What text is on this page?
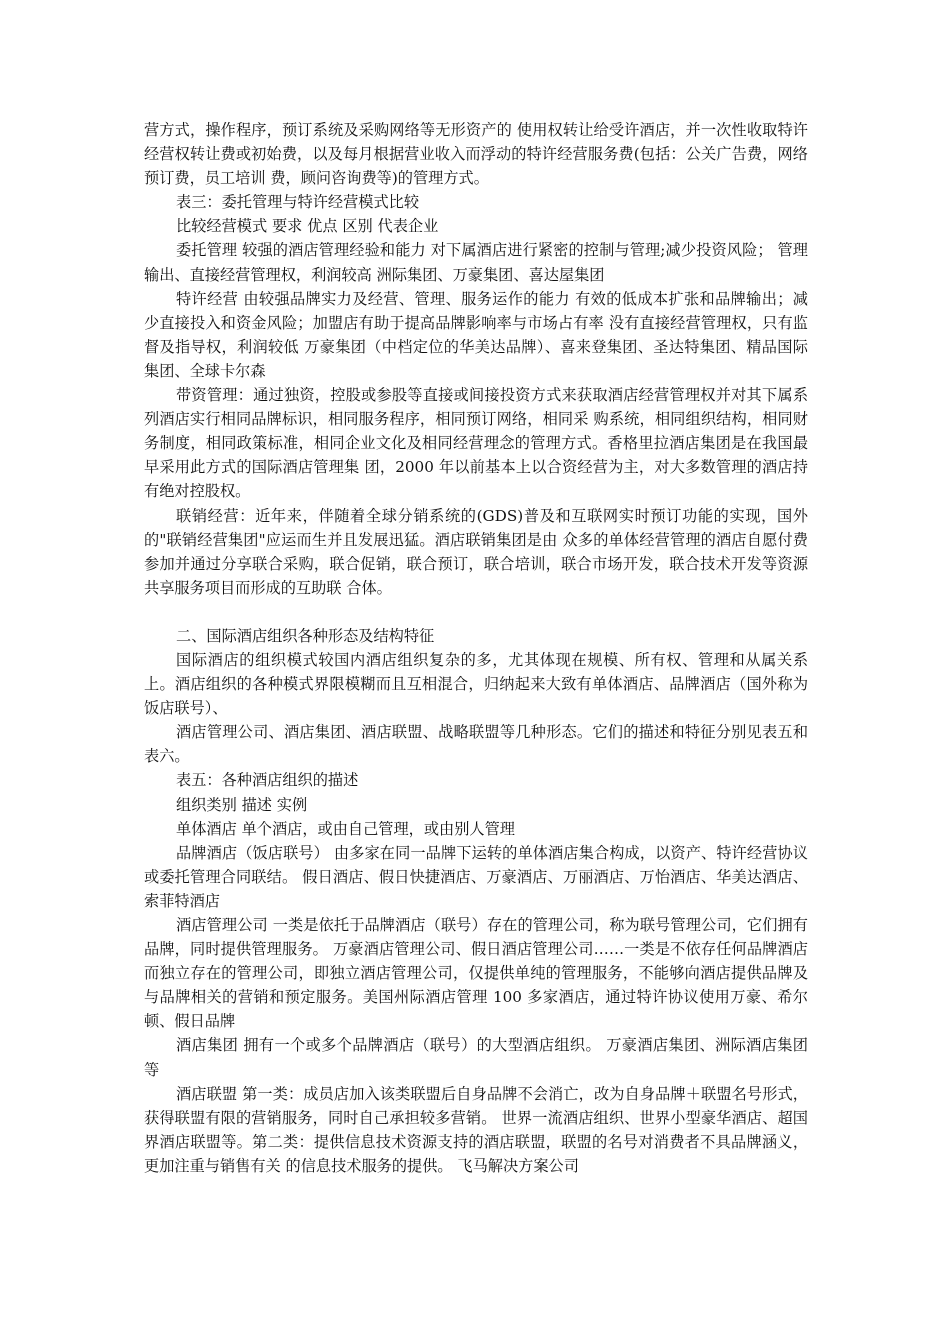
营方式，操作程序，预订系统及采购网络等无形资产的 使用权转让给受许酒店，并一次性收取特许经营权转让费或初始费，以及每月根据营业收入而浮动的特许经营服务费(包括：公关广告费，网络预订费，员工培训 费，顾问咨询费等)的管理方式。

表三：委托管理与特许经营模式比较

比较经营模式 要求 优点 区别 代表企业

委托管理 较强的酒店管理经验和能力 对下属酒店进行紧密的控制与管理;减少投资风险； 管理输出、直接经营管理权，利润较高 洲际集团、万豪集团、喜达屋集团

特许经营 由较强品牌实力及经营、管理、服务运作的能力 有效的低成本扩张和品牌输出；减少直接投入和资金风险；加盟店有助于提高品牌影响率与市场占有率 没有直接经营管理权，只有监督及指导权，利润较低 万豪集团（中档定位的华美达品牌）、喜来登集团、圣达特集团、精品国际集团、全球卡尔森

带资管理：通过独资，控股或参股等直接或间接投资方式来获取酒店经营管理权并对其下属系列酒店实行相同品牌标识，相同服务程序，相同预订网络，相同采 购系统，相同组织结构，相同财务制度，相同政策标准，相同企业文化及相同经营理念的管理方式。香格里拉酒店集团是在我国最早采用此方式的国际酒店管理集 团，2000 年以前基本上以合资经营为主，对大多数管理的酒店持有绝对控股权。

联销经营：近年来，伴随着全球分销系统的(GDS)普及和互联网实时预订功能的实现，国外的"联销经营集团"应运而生并且发展迅猛。酒店联销集团是由 众多的单体经营管理的酒店自愿付费参加并通过分享联合采购，联合促销，联合预订，联合培训，联合市场开发，联合技术开发等资源共享服务项目而形成的互助联 合体。

二、国际酒店组织各种形态及结构特征

国际酒店的组织模式较国内酒店组织复杂的多，尤其体现在规模、所有权、管理和从属关系上。酒店组织的各种模式界限模糊而且互相混合，归纳起来大致有单体酒店、品牌酒店（国外称为饭店联号）、

酒店管理公司、酒店集团、酒店联盟、战略联盟等几种形态。它们的描述和特征分别见表五和表六。

表五：各种酒店组织的描述

组织类别 描述 实例

单体酒店 单个酒店，或由自己管理，或由别人管理

品牌酒店（饭店联号） 由多家在同一品牌下运转的单体酒店集合构成，以资产、特许经营协议或委托管理合同联结。 假日酒店、假日快捷酒店、万豪酒店、万丽酒店、万怡酒店、华美达酒店、索菲特酒店

酒店管理公司 一类是依托于品牌酒店（联号）存在的管理公司，称为联号管理公司，它们拥有品牌，同时提供管理服务。 万豪酒店管理公司、假日酒店管理公司……一类是不依存任何品牌酒店而独立存在的管理公司，即独立酒店管理公司，仅提供单纯的管理服务，不能够向酒店提供品牌及与品牌相关的营销和预定服务。美国州际酒店管理 100 多家酒店，通过特许协议使用万豪、希尔顿、假日品牌

酒店集团 拥有一个或多个品牌酒店（联号）的大型酒店组织。 万豪酒店集团、洲际酒店集团等

酒店联盟 第一类：成员店加入该类联盟后自身品牌不会消亡，改为自身品牌＋联盟名号形式，获得联盟有限的营销服务，同时自己承担较多营销。 世界一流酒店组织、世界小型豪华酒店、超国界酒店联盟等。第二类：提供信息技术资源支持的酒店联盟，联盟的名号对消费者不具品牌涵义，更加注重与销售有关 的信息技术服务的提供。 飞马解决方案公司
